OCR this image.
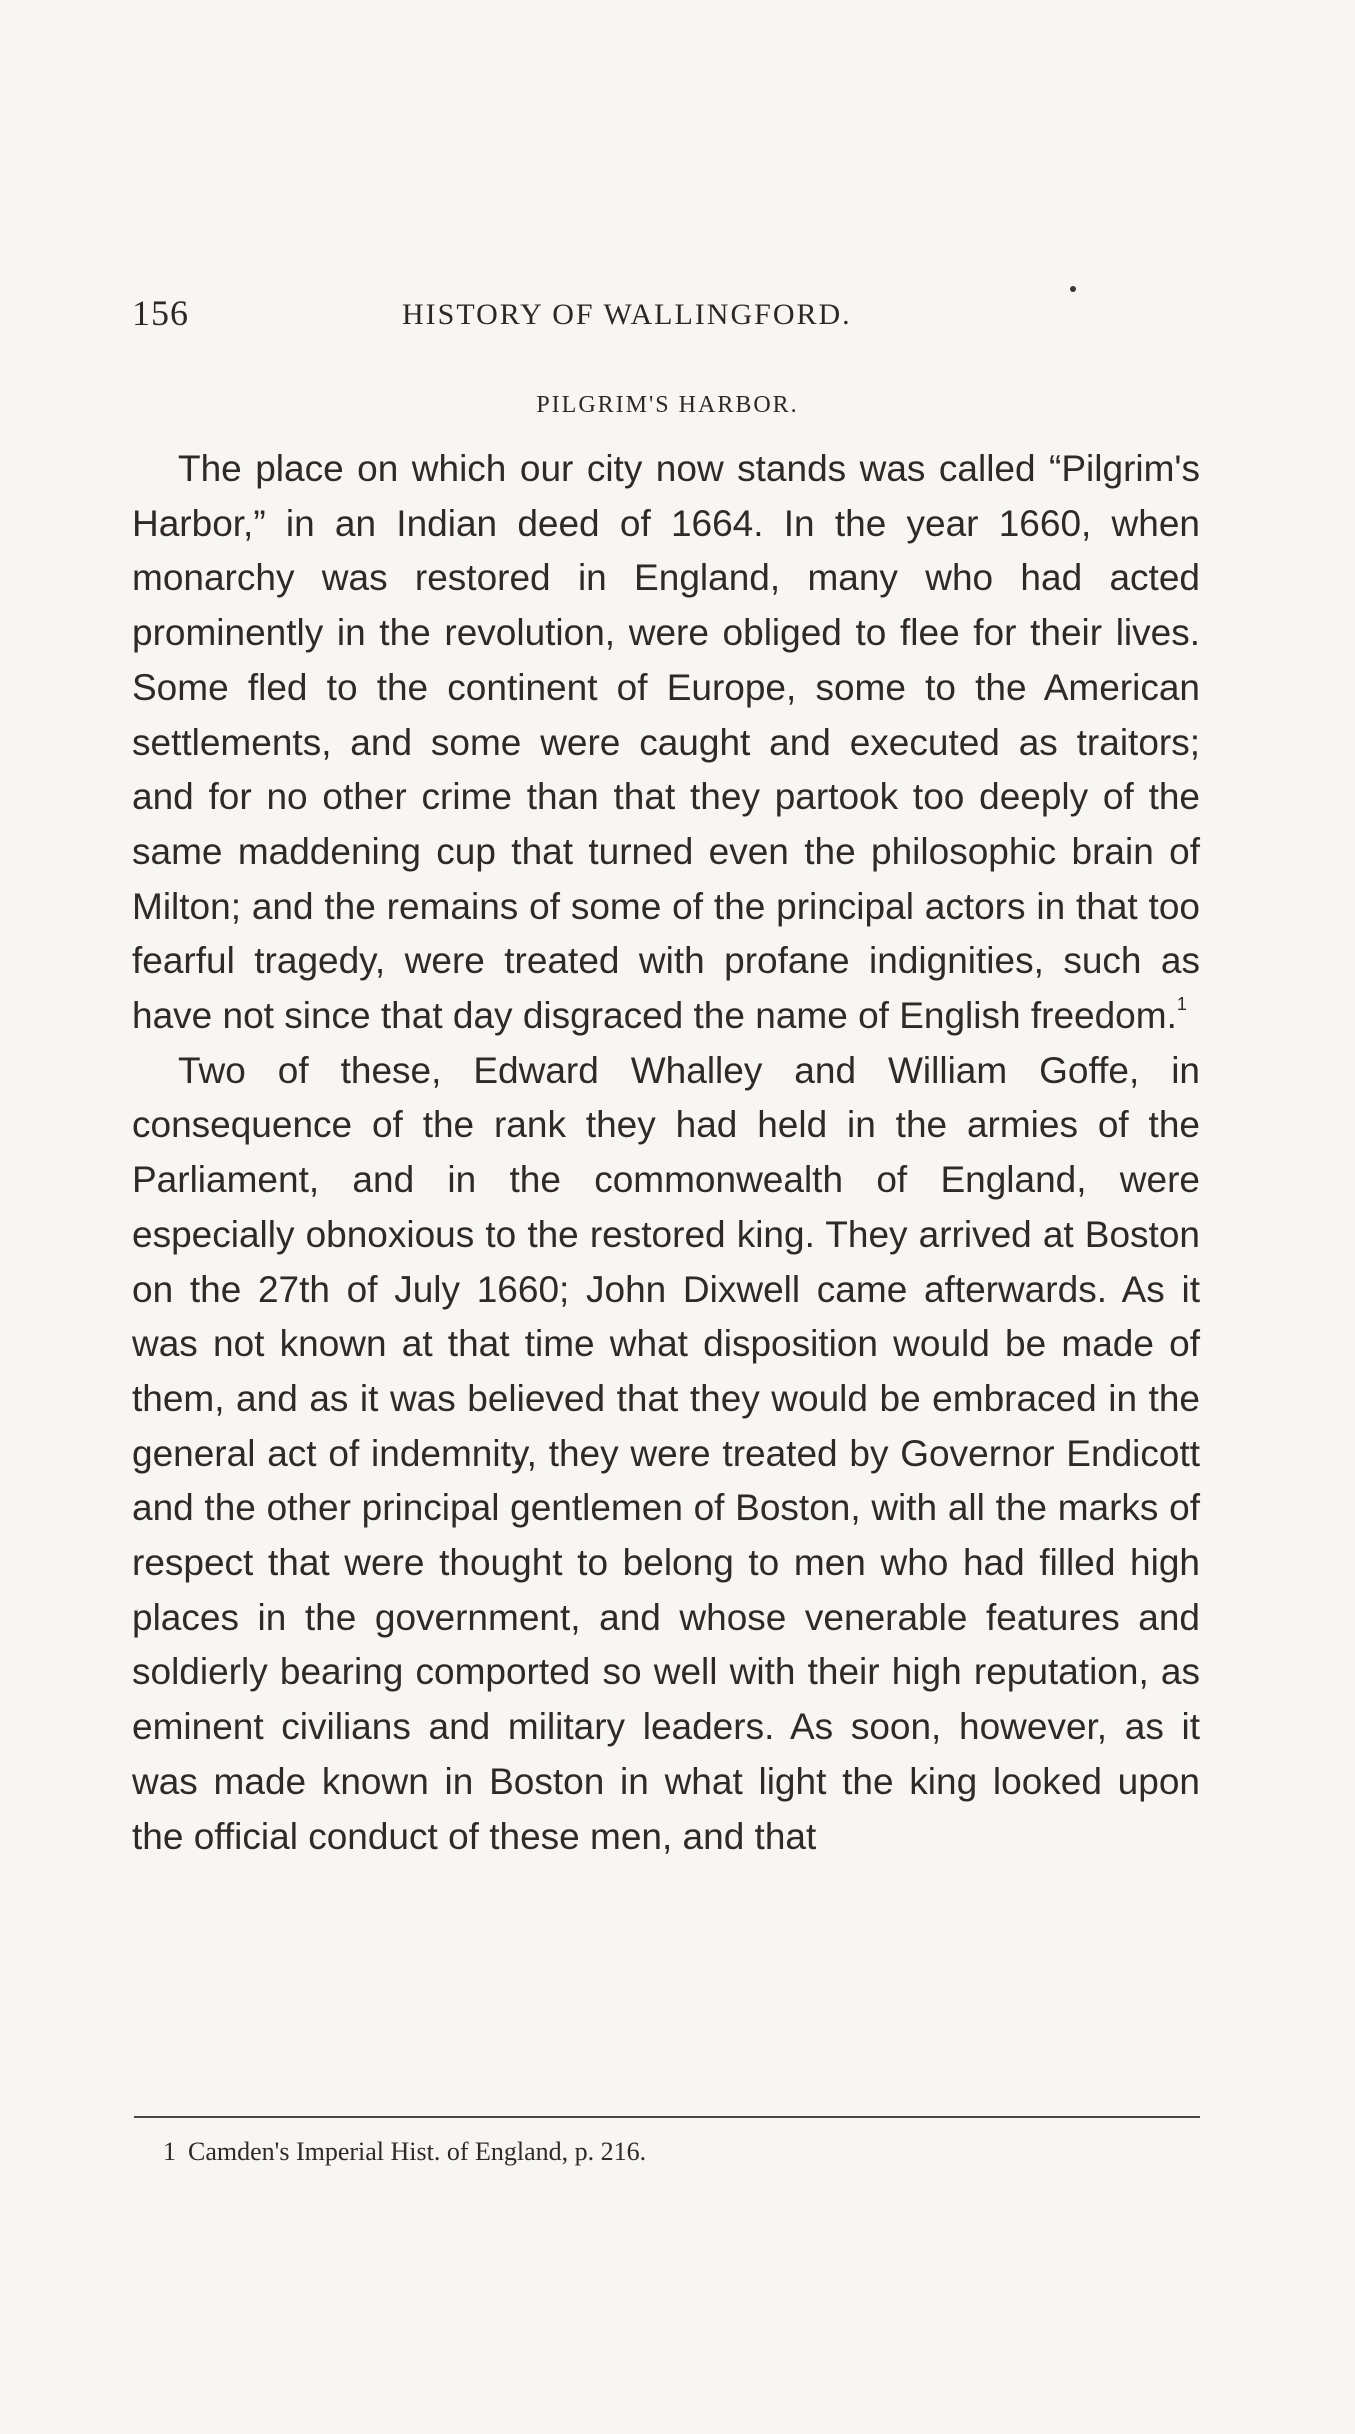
156	HISTORY OF WALLINGFORD.
PILGRIM'S HARBOR.

The place on which our city now stands was called “Pilgrim's Harbor,” in an Indian deed of 1664. In the year 1660, when monarchy was restored in England, many who had acted prominently in the revolution, were obliged to flee for their lives. Some fled to the continent of Europe, some to the American settlements, and some were caught and executed as traitors; and for no other crime than that they partook too deeply of the same maddening cup that turned even the philosophic brain of Milton; and the remains of some of the principal actors in that too fearful tragedy, were treated with profane indignities, such as have not since that day disgraced the name of English freedom.$^1$

Two of these, Edward Whalley and William Goffe, in consequence of the rank they had held in the armies of the Parliament, and in the commonwealth of England, were especially obnoxious to the restored king. They arrived at Boston on the 27th of July 1660; John Dixwell came afterwards. As it was not known at that time what disposition would be made of them, and as it was believed that they would be embraced in the general act of indemnity, they were treated by Governor Endicott and the other principal gentlemen of Boston, with all the marks of respect that were thought to belong to men who had filled high places in the government, and whose venerable features and soldierly bearing comported so well with their high reputation, as eminent civilians and military leaders. As soon, however, as it was made known in Boston in what light the king looked upon the official conduct of these men, and that

1 Camden's Imperial Hist. of England, p. 216.
